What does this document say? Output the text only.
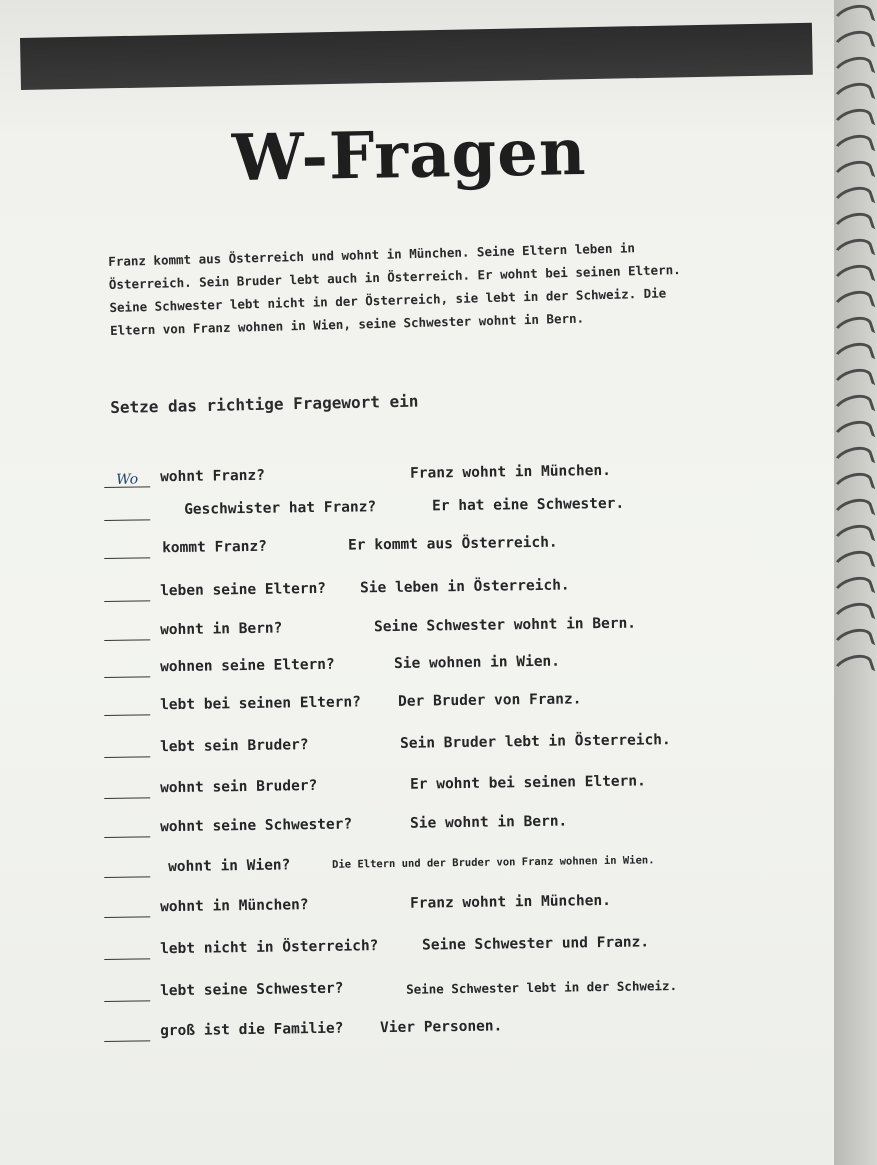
W-Fragen
Franz kommt aus Österreich und wohnt in München. Seine Eltern leben in Österreich. Sein Bruder lebt auch in Österreich. Er wohnt bei seinen Eltern. Seine Schwester lebt nicht in der Österreich, sie lebt in der Schweiz. Die Eltern von Franz wohnen in Wien, seine Schwester wohnt in Bern.
Setze das richtige Fragewort ein
Wo	wohnt Franz?	Franz wohnt in München.
Geschwister hat Franz?	Er hat eine Schwester.
kommt Franz?	Er kommt aus Österreich.
leben seine Eltern? Sie leben in Österreich.
wohnt in Bern?	Seine Schwester wohnt in Bern.
wohnen seine Eltern?	Sie wohnen in Wien.
lebt bei seinen Eltern?	Der Bruder von Franz.
lebt sein Bruder?	Sein Bruder lebt in Österreich.
wohnt sein Bruder?	Er wohnt bei seinen Eltern.
wohnt seine Schwester?	Sie wohnt in Bern.
wohnt in Wien?	Die Eltern und der Bruder von Franz wohnen in Wien.
wohnt in München?	Franz wohnt in München.
lebt nicht in Österreich?	Seine Schwester und Franz.
lebt seine Schwester?	Seine Schwester lebt in der Schweiz.
groß ist die Familie?	Vier Personen.
